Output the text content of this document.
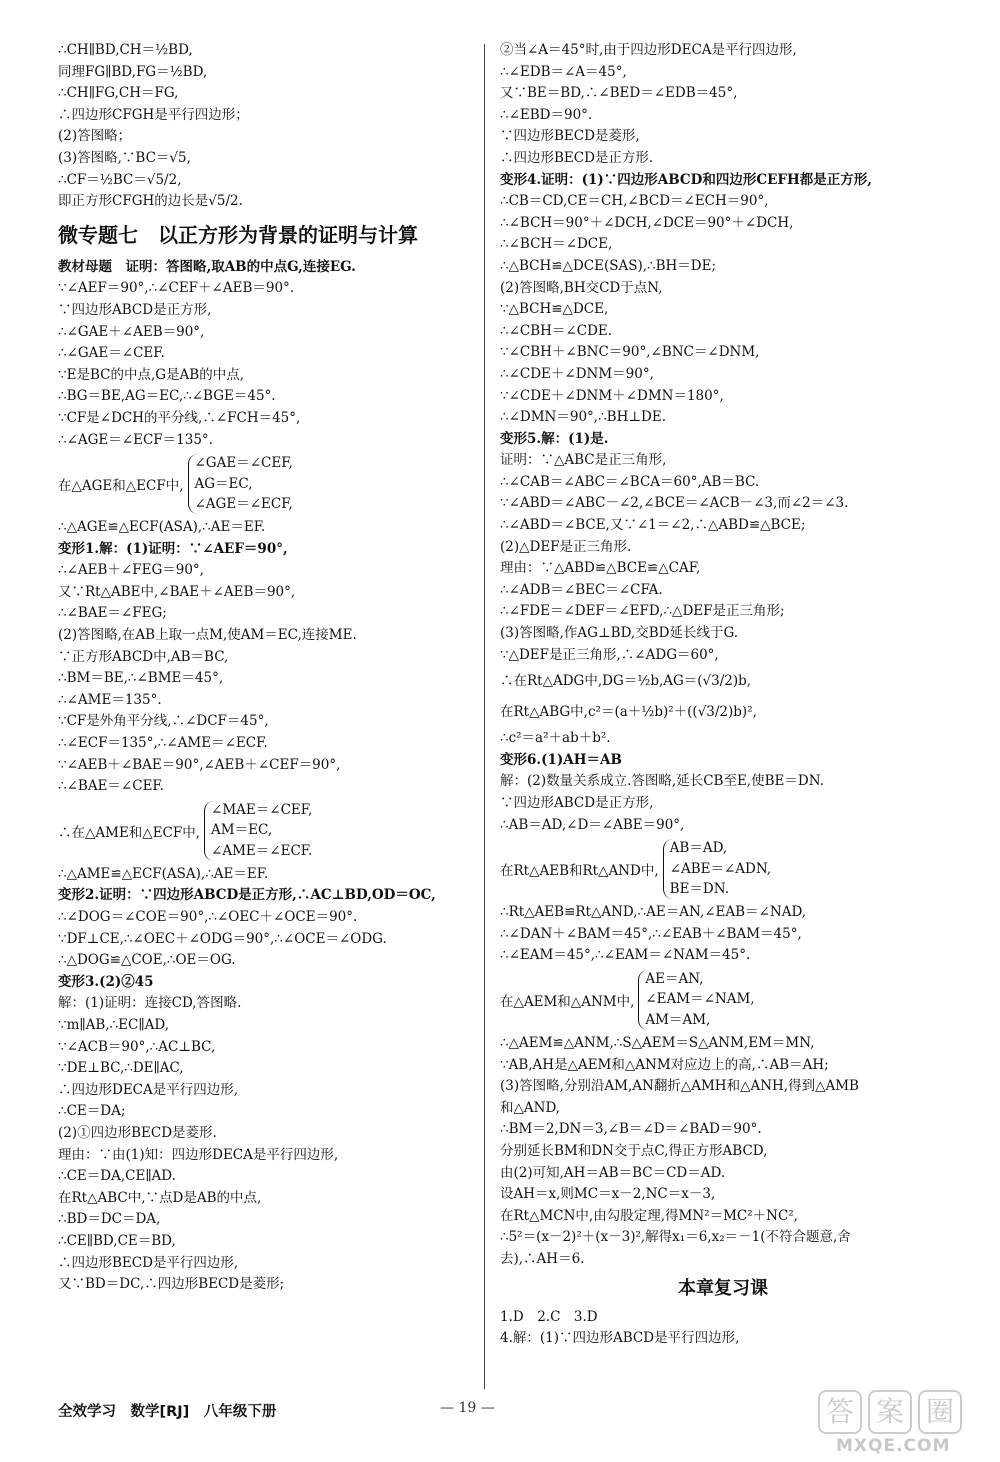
∴CH∥BD,CH＝½BD,
同理FG∥BD,FG＝½BD,
∴CH∥FG,CH＝FG,
∴四边形CFGH是平行四边形；
(2)答图略；
(3)答图略,∵BC＝√5,
∴CF＝½BC＝√5/2,
即正方形CFGH的边长是√5/2.
微专题七　以正方形为背景的证明与计算
教材母题　证明：答图略,取AB的中点G,连接EG.
∵∠AEF＝90°,∴∠CEF＋∠AEB＝90°.
∵四边形ABCD是正方形,
∴∠GAE＋∠AEB＝90°,
∴∠GAE＝∠CEF.
∵E是BC的中点,G是AB的中点,
∴BG＝BE,AG＝EC,∴∠BGE＝45°.
∵CF是∠DCH的平分线,∴∠FCH＝45°,
∴∠AGE＝∠ECF＝135°.
在△AGE和△ECF中,
∠GAE＝∠CEF,
AG＝EC,
∠AGE＝∠ECF,
∴△AGE≌△ECF(ASA),∴AE＝EF.
变形1.解：(1)证明：∵∠AEF＝90°,
∴∠AEB＋∠FEG＝90°,
又∵Rt△ABE中,∠BAE＋∠AEB＝90°,
∴∠BAE＝∠FEG;
(2)答图略,在AB上取一点M,使AM＝EC,连接ME.
∵正方形ABCD中,AB＝BC,
∴BM＝BE,∴∠BME＝45°,
∴∠AME＝135°.
∵CF是外角平分线,∴∠DCF＝45°,
∴∠ECF＝135°,∴∠AME＝∠ECF.
∵∠AEB＋∠BAE＝90°,∠AEB＋∠CEF＝90°,
∴∠BAE＝∠CEF.
∴在△AME和△ECF中,
∠MAE＝∠CEF,
AM＝EC,
∠AME＝∠ECF.
∴△AME≌△ECF(ASA),∴AE＝EF.
变形2.证明：∵四边形ABCD是正方形,∴AC⊥BD,OD＝OC,
∴∠DOG＝∠COE＝90°,∴∠OEC＋∠OCE＝90°.
∵DF⊥CE,∴∠OEC＋∠ODG＝90°,∴∠OCE＝∠ODG.
∴△DOG≌△COE,∴OE＝OG.
变形3.(2)②45
解：(1)证明：连接CD,答图略.
∵m∥AB,∴EC∥AD,
∵∠ACB＝90°,∴AC⊥BC,
∵DE⊥BC,∴DE∥AC,
∴四边形DECA是平行四边形,
∴CE＝DA;
(2)①四边形BECD是菱形.
理由：∵由(1)知：四边形DECA是平行四边形,
∴CE＝DA,CE∥AD.
在Rt△ABC中,∵点D是AB的中点,
∴BD＝DC＝DA,
∴CE∥BD,CE＝BD,
∴四边形BECD是平行四边形,
又∵BD＝DC,∴四边形BECD是菱形;
②当∠A＝45°时,由于四边形DECA是平行四边形,
∴∠EDB＝∠A＝45°,
又∵BE＝BD,∴∠BED＝∠EDB＝45°,
∴∠EBD＝90°.
∵四边形BECD是菱形,
∴四边形BECD是正方形.
变形4.证明：(1)∵四边形ABCD和四边形CEFH都是正方形,
∴CB＝CD,CE＝CH,∠BCD＝∠ECH＝90°,
∴∠BCH＝90°＋∠DCH,∠DCE＝90°＋∠DCH,
∴∠BCH＝∠DCE,
∴△BCH≌△DCE(SAS),∴BH＝DE;
(2)答图略,BH交CD于点N,
∵△BCH≌△DCE,
∴∠CBH＝∠CDE.
∵∠CBH＋∠BNC＝90°,∠BNC＝∠DNM,
∴∠CDE＋∠DNM＝90°,
∵∠CDE＋∠DNM＋∠DMN＝180°,
∴∠DMN＝90°,∴BH⊥DE.
变形5.解：(1)是.
证明：∵△ABC是正三角形,
∴∠CAB＝∠ABC＝∠BCA＝60°,AB＝BC.
∵∠ABD＝∠ABC－∠2,∠BCE＝∠ACB－∠3,而∠2＝∠3.
∴∠ABD＝∠BCE,又∵∠1＝∠2,∴△ABD≌△BCE;
(2)△DEF是正三角形.
理由：∵△ABD≌△BCE≌△CAF,
∴∠ADB＝∠BEC＝∠CFA.
∴∠FDE＝∠DEF＝∠EFD,∴△DEF是正三角形;
(3)答图略,作AG⊥BD,交BD延长线于G.
∵△DEF是正三角形,∴∠ADG＝60°,
∴在Rt△ADG中,DG＝½b,AG＝(√3/2)b,
在Rt△ABG中,c²＝(a＋½b)²＋((√3/2)b)²,
∴c²＝a²＋ab＋b².
变形6.(1)AH＝AB
解：(2)数量关系成立.答图略,延长CB至E,使BE＝DN.
∵四边形ABCD是正方形,
∴AB＝AD,∠D＝∠ABE＝90°,
在Rt△AEB和Rt△AND中,
AB＝AD,
∠ABE＝∠ADN,
BE＝DN.
∴Rt△AEB≌Rt△AND,∴AE＝AN,∠EAB＝∠NAD,
∴∠DAN＋∠BAM＝45°,∴∠EAB＋∠BAM＝45°,
∴∠EAM＝45°,∴∠EAM＝∠NAM＝45°.
在△AEM和△ANM中,
AE＝AN,
∠EAM＝∠NAM,
AM＝AM,
∴△AEM≌△ANM,∴S△AEM＝S△ANM,EM＝MN,
∵AB,AH是△AEM和△ANM对应边上的高,∴AB＝AH;
(3)答图略,分别沿AM,AN翻折△AMH和△ANH,得到△AMB
和△AND,
∴BM＝2,DN＝3,∠B＝∠D＝∠BAD＝90°.
分别延长BM和DN交于点C,得正方形ABCD,
由(2)可知,AH＝AB＝BC＝CD＝AD.
设AH＝x,则MC＝x－2,NC＝x－3,
在Rt△MCN中,由勾股定理,得MN²＝MC²＋NC²,
∴5²＝(x－2)²＋(x－3)²,解得x₁＝6,x₂＝－1(不符合题意,舍
去),∴AH＝6.
本章复习课
1.D　2.C　3.D
4.解：(1)∵四边形ABCD是平行四边形,
全效学习　数学[RJ]　八年级下册	— 19 —	答 案 圈
MXQE.COM
